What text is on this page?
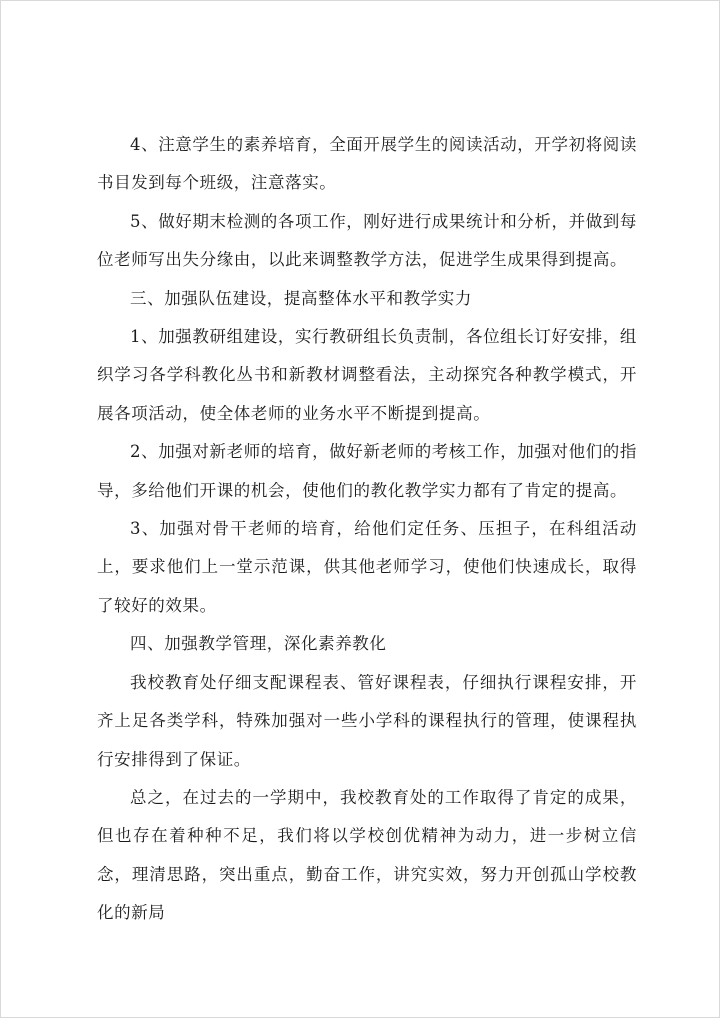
4、注意学生的素养培育，全面开展学生的阅读活动，开学初将阅读书目发到每个班级，注意落实。

5、做好期末检测的各项工作，刚好进行成果统计和分析，并做到每位老师写出失分缘由，以此来调整教学方法，促进学生成果得到提高。

三、加强队伍建设，提高整体水平和教学实力

1、加强教研组建设，实行教研组长负责制，各位组长订好安排，组织学习各学科教化丛书和新教材调整看法，主动探究各种教学模式，开展各项活动，使全体老师的业务水平不断提到提高。

2、加强对新老师的培育，做好新老师的考核工作，加强对他们的指导，多给他们开课的机会，使他们的教化教学实力都有了肯定的提高。

3、加强对骨干老师的培育，给他们定任务、压担子，在科组活动上，要求他们上一堂示范课，供其他老师学习，使他们快速成长，取得了较好的效果。

四、加强教学管理，深化素养教化

我校教育处仔细支配课程表、管好课程表，仔细执行课程安排，开齐上足各类学科，特殊加强对一些小学科的课程执行的管理，使课程执行安排得到了保证。

总之，在过去的一学期中，我校教育处的工作取得了肯定的成果，但也存在着种种不足，我们将以学校创优精神为动力，进一步树立信念，理清思路，突出重点，勤奋工作，讲究实效，努力开创孤山学校教化的新局
